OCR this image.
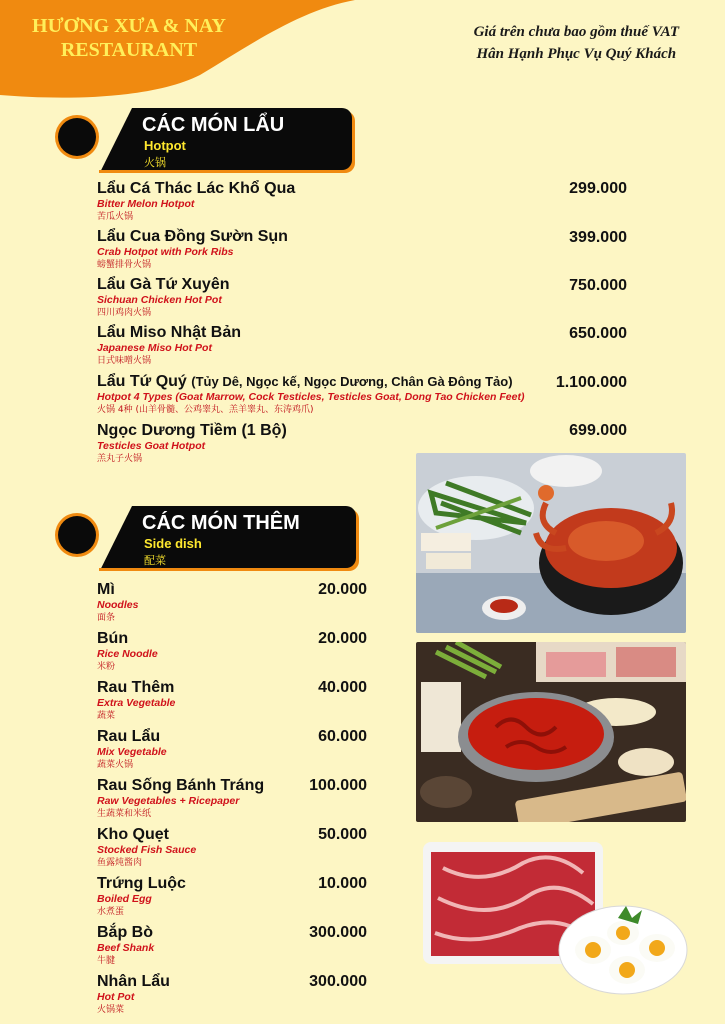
HƯƠNG XƯA & NAY
RESTAURANT
Giá trên chưa bao gồm thuế VAT
Hân Hạnh Phục Vụ Quý Khách
CÁC MÓN LẨU
Hotpot
火锅
Lẩu Cá Thác Lác Khổ Qua
Bitter Melon Hotpot
苦瓜火锅
299.000
Lẩu Cua Đồng Sườn Sụn
Crab Hotpot with Pork Ribs
螃蟹排骨火锅
399.000
Lẩu Gà Tứ Xuyên
Sichuan Chicken Hot Pot
四川鸡肉火锅
750.000
Lẩu Miso Nhật Bản
Japanese Miso Hot Pot
日式味噌火锅
650.000
Lẩu Tứ Quý (Tủy Dê, Ngọc kế, Ngọc Dương, Chân Gà Đông Tảo)
Hotpot 4 Types (Goat Marrow, Cock Testicles, Testicles Goat, Dong Tao Chicken Feet)
火锅 4种 (山羊骨髓、公鸡睾丸、羔羊睾丸、东涛鸡爪)
1.100.000
Ngọc Dương Tiềm (1 Bộ)
Testicles Goat Hotpot
羔丸子火锅
699.000
CÁC MÓN THÊM
Side dish
配菜
Mì
Noodles
面条
20.000
Bún
Rice Noodle
米粉
20.000
Rau Thêm
Extra Vegetable
蔬菜
40.000
Rau Lẩu
Mix Vegetable
蔬菜火锅
60.000
Rau Sống Bánh Tráng
Raw Vegetables + Ricepaper
生蔬菜和米纸
100.000
Kho Quẹt
Stocked Fish Sauce
鱼露炖酱肉
50.000
Trứng Luộc
Boiled Egg
水煮蛋
10.000
Bắp Bò
Beef Shank
牛腱
300.000
Nhân Lẩu
Hot Pot
火锅菜
300.000
